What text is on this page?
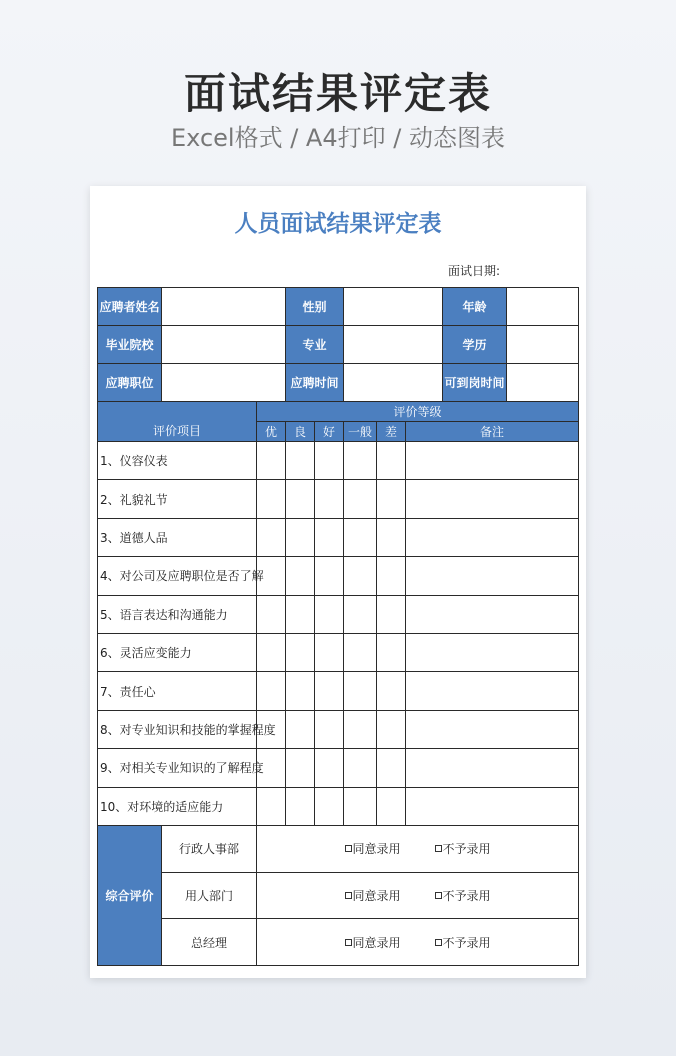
面试结果评定表
Excel格式 / A4打印 / 动态图表
人员面试结果评定表
面试日期:
应聘者姓名			性别					年龄	
毕业院校			专业					学历	
应聘职位			应聘时间					可到岗时间	
评价项目		评价等级							
		优	良	好	一般	差	备注		
1、仪容仪表									
2、礼貌礼节									
3、道德人品									
4、对公司及应聘职位是否了解									
5、语言表达和沟通能力									
6、灵活应变能力									
7、责任心									
8、对专业知识和技能的掌握程度									
9、对相关专业知识的了解程度									
10、对环境的适应能力									
综合评价	行政人事部	同意录用 不予录用							

	用人部门	同意录用 不予录用							

	总经理	同意录用 不予录用							
